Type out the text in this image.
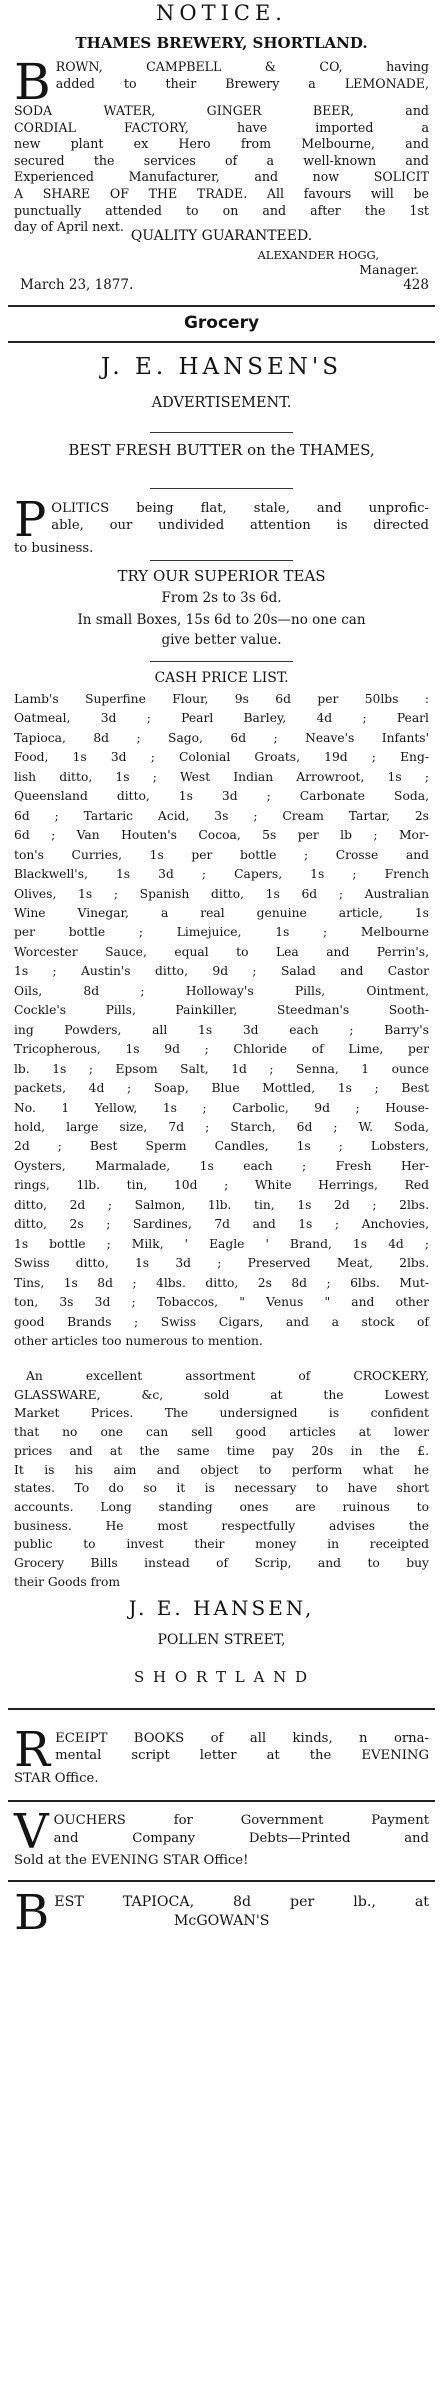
NOTICE.
THAMES BREWERY, SHORTLAND.
B ROWN, CAMPBELL & CO, having
added to their Brewery a LEMONADE,
SODA WATER, GINGER BEER, and
CORDIAL FACTORY, have imported a
new plant ex Hero from Melbourne, and
secured the services of a well-known and
Experienced Manufacturer, and now SOLICIT
A SHARE OF THE TRADE. All favours will be
punctually attended to on and after the 1st
day of April next.
QUALITY GUARANTEED.
ALEXANDER HOGG,
Manager.
March 23, 1877.	428
Grocery
J. E. HANSEN'S
ADVERTISEMENT.
BEST FRESH BUTTER on the THAMES,
P OLITICS being flat, stale, and unprofic-
able, our undivided attention is directed
to business.
TRY OUR SUPERIOR TEAS
From 2s to 3s 6d.
In small Boxes, 15s 6d to 20s—no one can
give better value.
CASH PRICE LIST.
Lamb's Superfine Flour, 9s 6d per 50lbs :
Oatmeal, 3d ; Pearl Barley, 4d ; Pearl
Tapioca, 8d ; Sago, 6d ; Neave's Infants'
Food, 1s 3d ; Colonial Groats, 19d ; Eng-
lish ditto, 1s ; West Indian Arrowroot, 1s ;
Queensland ditto, 1s 3d ; Carbonate Soda,
6d ; Tartaric Acid, 3s ; Cream Tartar, 2s
6d ; Van Houten's Cocoa, 5s per lb ; Mor-
ton's Curries, 1s per bottle ; Crosse and
Blackwell's, 1s 3d ; Capers, 1s ; French
Olives, 1s ; Spanish ditto, 1s 6d ; Australian
Wine Vinegar, a real genuine article, 1s
per bottle ; Limejuice, 1s ; Melbourne
Worcester Sauce, equal to Lea and Perrin's,
1s ; Austin's ditto, 9d ; Salad and Castor
Oils, 8d ; Holloway's Pills, Ointment,
Cockle's Pills, Painkiller, Steedman's Sooth-
ing Powders, all 1s 3d each ; Barry's
Tricopherous, 1s 9d ; Chloride of Lime, per
lb. 1s ; Epsom Salt, 1d ; Senna, 1 ounce
packets, 4d ; Soap, Blue Mottled, 1s ; Best
No. 1 Yellow, 1s ; Carbolic, 9d ; House-
hold, large size, 7d ; Starch, 6d ; W. Soda,
2d ; Best Sperm Candles, 1s ; Lobsters,
Oysters, Marmalade, 1s each ; Fresh Her-
rings, 1lb. tin, 10d ; White Herrings, Red
ditto, 2d ; Salmon, 1lb. tin, 1s 2d ; 2lbs.
ditto, 2s ; Sardines, 7d and 1s ; Anchovies,
1s bottle ; Milk, ' Eagle ' Brand, 1s 4d ;
Swiss ditto, 1s 3d ; Preserved Meat, 2lbs.
Tins, 1s 8d ; 4lbs. ditto, 2s 8d ; 6lbs. Mut-
ton, 3s 3d ; Tobaccos, " Venus " and other
good Brands ; Swiss Cigars, and a stock of
other articles too numerous to mention.
An excellent assortment of CROCKERY,
GLASSWARE, &c, sold at the Lowest
Market Prices. The undersigned is confident
that no one can sell good articles at lower
prices and at the same time pay 20s in the £.
It is his aim and object to perform what he
states. To do so it is necessary to have short
accounts. Long standing ones are ruinous to
business. He most respectfully advises the
public to invest their money in receipted
Grocery Bills instead of Scrip, and to buy
their Goods from
J. E. HANSEN,
POLLEN STREET,
S H O R T L A N D
R ECEIPT BOOKS of all kinds, n orna-
mental script letter at the EVENING
STAR Office.
V OUCHERS for Government Payment
and Company Debts—Printed and
Sold at the EVENING STAR Office!
B EST TAPIOCA, 8d per lb., at
McGOWAN'S
